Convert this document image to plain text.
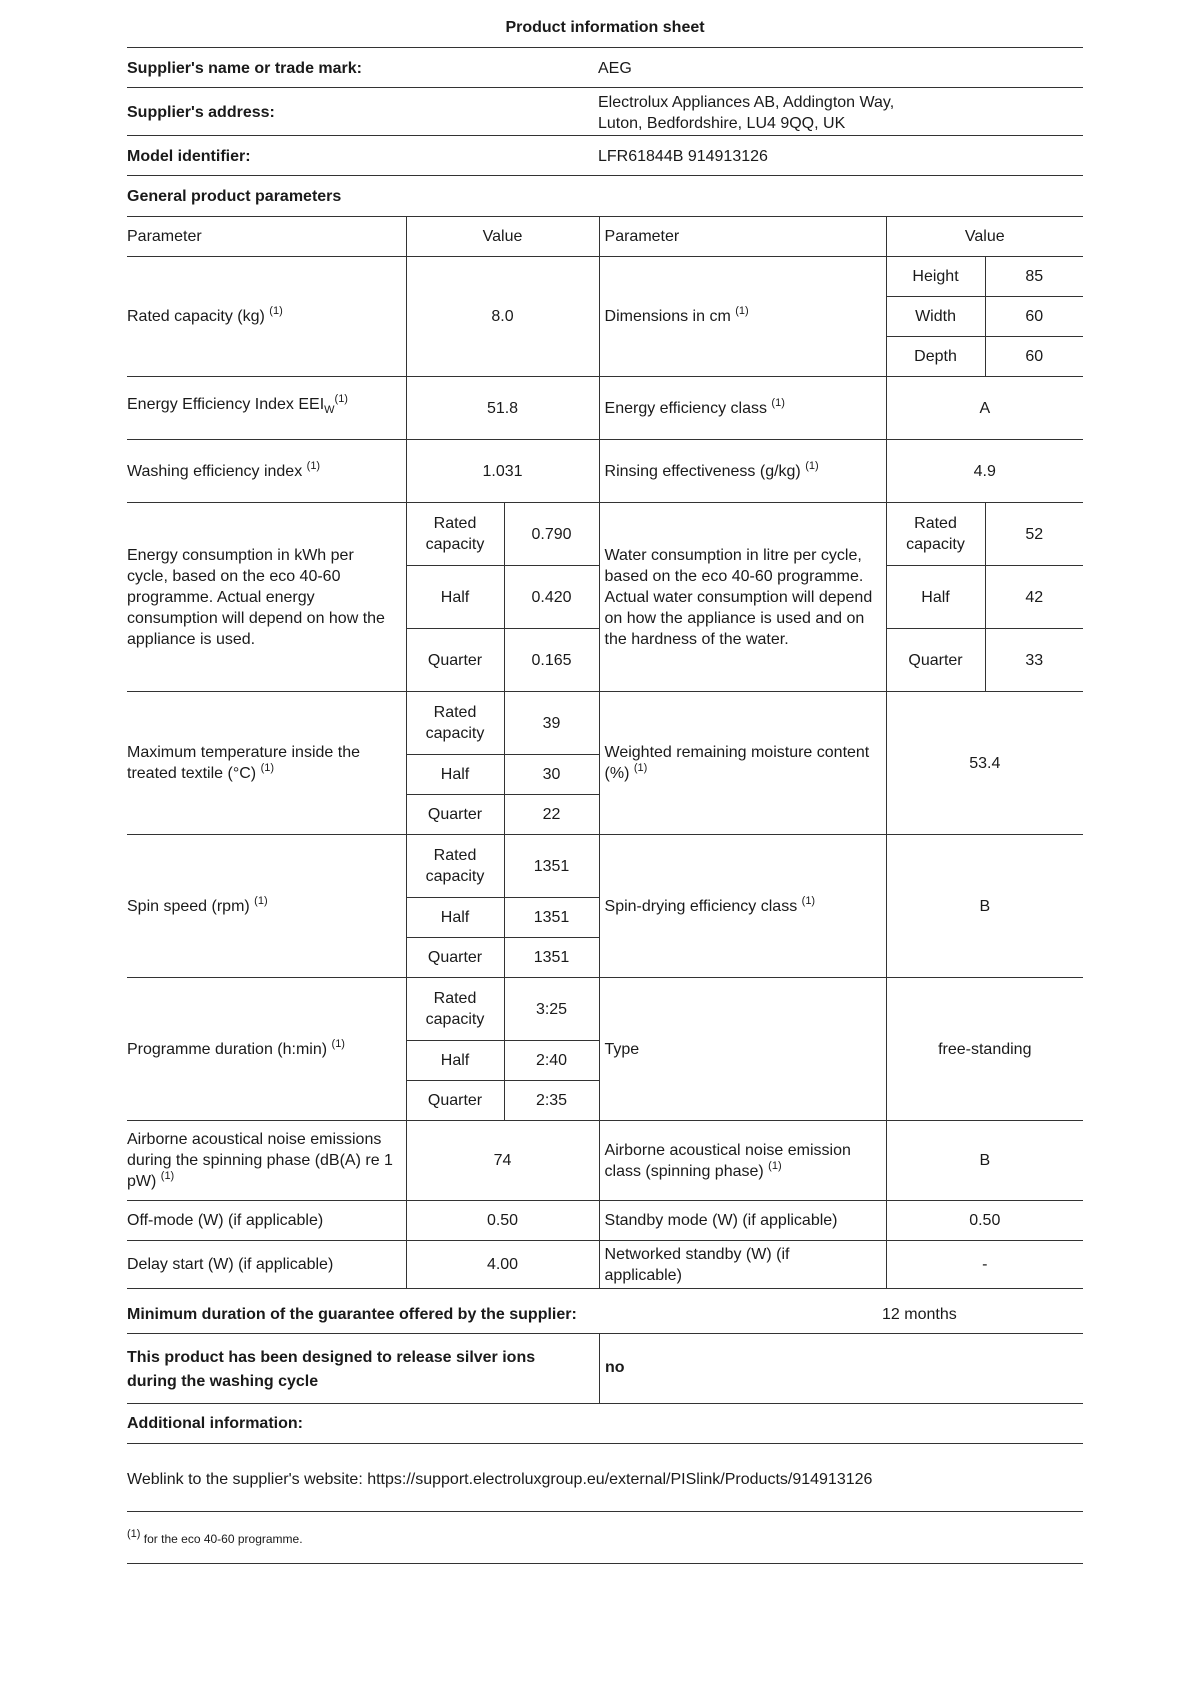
Product information sheet
Supplier's name or trade mark:	AEG
Supplier's address:
Electrolux Appliances AB, Addington Way,
Luton, Bedfordshire, LU4 9QQ, UK
Model identifier:	LFR61844B 914913126
General product parameters
Parameter	Value		Parameter	Value	
Rated capacity (kg) $^{(1)}$	8.0		Dimensions in cm $^{(1)}$	Height	85
				Width	60
				Depth	60
Energy Efficiency Index $EEI_W^{(1)}$	51.8		Energy efficiency class $^{(1)}$	A	
Washing efficiency index $^{(1)}$	1.031		Rinsing effectiveness (g/kg) $^{(1)}$	4.9	
Energy consumption in kWh per cycle, based on the eco 40-60 programme. Actual energy consumption will depend on how the appliance is used.	Rated capacity	0.790	Water consumption in litre per cycle, based on the eco 40-60 programme. Actual water consumption will depend on how the appliance is used and on the hardness of the water.	Rated capacity	52
	Half	0.420		Half	42
	Quarter	0.165		Quarter	33
Maximum temperature inside the treated textile (°C) $^{(1)}$	Rated capacity	39	Weighted remaining moisture content (%) $^{(1)}$	53.4	
	Half	30			
	Quarter	22			
Spin speed (rpm) $^{(1)}$	Rated capacity	1351	Spin-drying efficiency class $^{(1)}$	B	
	Half	1351			
	Quarter	1351			
Programme duration (h:min) $^{(1)}$	Rated capacity	3:25	Type	free-standing	
	Half	2:40			
	Quarter	2:35			
Airborne acoustical noise emissions during the spinning phase (dB(A) re 1 pW) $^{(1)}$	74		Airborne acoustical noise emission class (spinning phase) $^{(1)}$	B	
Off-mode (W) (if applicable)	0.50		Standby mode (W) (if applicable)	0.50	
Delay start (W) (if applicable)	4.00		Networked standby (W) (if applicable)	-	
Minimum duration of the guarantee offered by the supplier:	12 months
This product has been designed to release silver ions during the washing cycle
no
Additional information:
Weblink to the supplier's website: https://support.electroluxgroup.eu/external/PISlink/Products/914913126
$^{(1)}$ for the eco 40-60 programme.
